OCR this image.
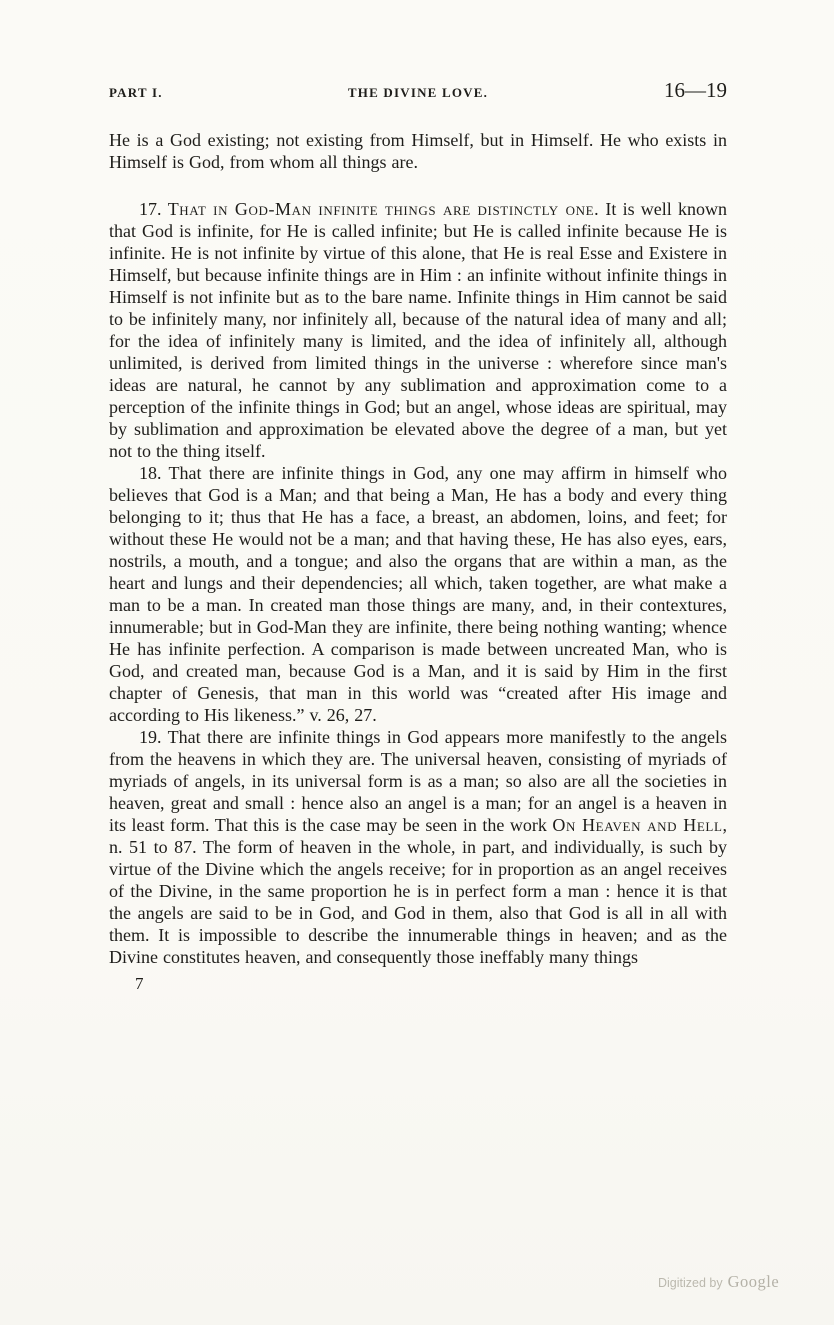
PART I.	THE DIVINE LOVE.	16—19

He is a God existing; not existing from Himself, but in Himself. He who exists in Himself is God, from whom all things are.

17. That in God-Man infinite things are distinctly one. It is well known that God is infinite, for He is called infinite; but He is called infinite because He is infinite. He is not infinite by virtue of this alone, that He is real Esse and Existere in Himself, but because infinite things are in Him : an infinite without infinite things in Himself is not infinite but as to the bare name. Infinite things in Him cannot be said to be infinitely many, nor infinitely all, because of the natural idea of many and all; for the idea of infinitely many is limited, and the idea of infinitely all, although unlimited, is derived from limited things in the universe : wherefore since man's ideas are natural, he cannot by any sublimation and approximation come to a perception of the infinite things in God; but an angel, whose ideas are spiritual, may by sublimation and approximation be elevated above the degree of a man, but yet not to the thing itself.

18. That there are infinite things in God, any one may affirm in himself who believes that God is a Man; and that being a Man, He has a body and every thing belonging to it; thus that He has a face, a breast, an abdomen, loins, and feet; for without these He would not be a man; and that having these, He has also eyes, ears, nostrils, a mouth, and a tongue; and also the organs that are within a man, as the heart and lungs and their dependencies; all which, taken together, are what make a man to be a man. In created man those things are many, and, in their contextures, innumerable; but in God-Man they are infinite, there being nothing wanting; whence He has infinite perfection. A comparison is made between uncreated Man, who is God, and created man, because God is a Man, and it is said by Him in the first chapter of Genesis, that man in this world was “created after His image and according to His likeness.” v. 26, 27.

19. That there are infinite things in God appears more manifestly to the angels from the heavens in which they are. The universal heaven, consisting of myriads of myriads of angels, in its universal form is as a man; so also are all the societies in heaven, great and small : hence also an angel is a man; for an angel is a heaven in its least form. That this is the case may be seen in the work On Heaven and Hell, n. 51 to 87. The form of heaven in the whole, in part, and individually, is such by virtue of the Divine which the angels receive; for in proportion as an angel receives of the Divine, in the same proportion he is in perfect form a man : hence it is that the angels are said to be in God, and God in them, also that God is all in all with them. It is impossible to describe the innumerable things in heaven; and as the Divine constitutes heaven, and consequently those ineffably many things

7
Digitized by Google
